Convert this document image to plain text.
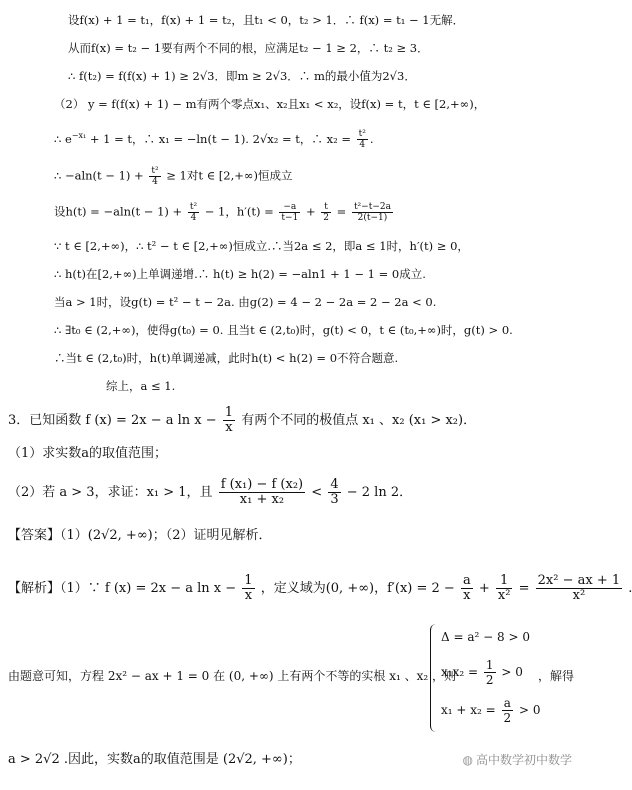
设f(x) + 1 = t₁，f(x) + 1 = t₂，且t₁ < 0，t₂ > 1．∴ f(x) = t₁ − 1无解．
从而f(x) = t₂ − 1要有两个不同的根，应满足t₂ − 1 ≥ 2，∴ t₂ ≥ 3．
∴ f(t₂) = f(f(x) + 1) ≥ 2√3．即m ≥ 2√3．∴ m的最小值为2√3．
（2） y = f(f(x) + 1) − m有两个零点x₁、x₂且x₁ < x₂，设f(x) = t，t ∈ [2,+∞)，
∴ $e^{-x_1} + 1 = t$，∴ x₁ = −ln(t − 1). 2√x₂ = t，∴ $x_2 = \frac{\text{t²}}{4}$ .
∴ $-aln(t - 1) + \frac{\text{t²}}{4} \ge 1$对t ∈ [2,+∞)恒成立
设$h(t) = -aln(t - 1) + \frac{\text{t²}}{4} - 1$，$h'(t) = \frac{-a}{t-1} + \frac{t}{2} = \frac{\text{t²−t−2a}}{2(t-1)}$
∵ t ∈ [2,+∞)，∴ t² − t ∈ [2,+∞)恒成立.∴当2a ≤ 2，即a ≤ 1时，h′(t) ≥ 0，
∴ h(t)在[2,+∞)上单调递增.∴ h(t) ≥ h(2) = −aln1 + 1 − 1 = 0成立.
当a > 1时，设g(t) = t² − t − 2a. 由g(2) = 4 − 2 − 2a = 2 − 2a < 0.
∴ ∃t₀ ∈ (2,+∞)，使得g(t₀) = 0. 且当t ∈ (2,t₀)时，g(t) < 0，t ∈ (t₀,+∞)时，g(t) > 0.
∴当t ∈ (2,t₀)时，h(t)单调递减，此时h(t) < h(2) = 0不符合题意.
综上，a ≤ 1.
3．已知函数 f (x) = 2x − a $\ln x - \frac{1}{x}$ 有两个不同的极值点 x₁ 、x₂ (x₁ > x₂)．
（1）求实数a的取值范围；
（2）若 a > 3，求证：x₁ > 1，且 $\frac{\text{f (x₁) − f (x₂)}}{\text{x₁ + x₂}} < \frac{4}{3} - 2$ ln 2．
【答案】（1）(2√2, +∞)；（2）证明见解析．
【解析】（1）∵ f (x) = 2x − a $\ln x - \frac{1}{x}$ ，定义域为(0, +∞)，$f'(x) = 2 - \frac{a}{x} + \frac{1}{\text{x²}} = \frac{\text{2x² − ax + 1}}{\text{x²}}$ .
由题意可知，方程 2x² − ax + 1 = 0 在 (0, +∞) 上有两个不等的实根 x₁ 、x₂ ，则	，解得
Δ = a² − 8 > 0
$x_1x_2 = \frac{1}{2} > 0$
$x_1 + x_2 = \frac{a}{2} > 0$
a > 2√2 .因此，实数a的取值范围是 (2√2, +∞)；	◍ 高中数学初中数学
